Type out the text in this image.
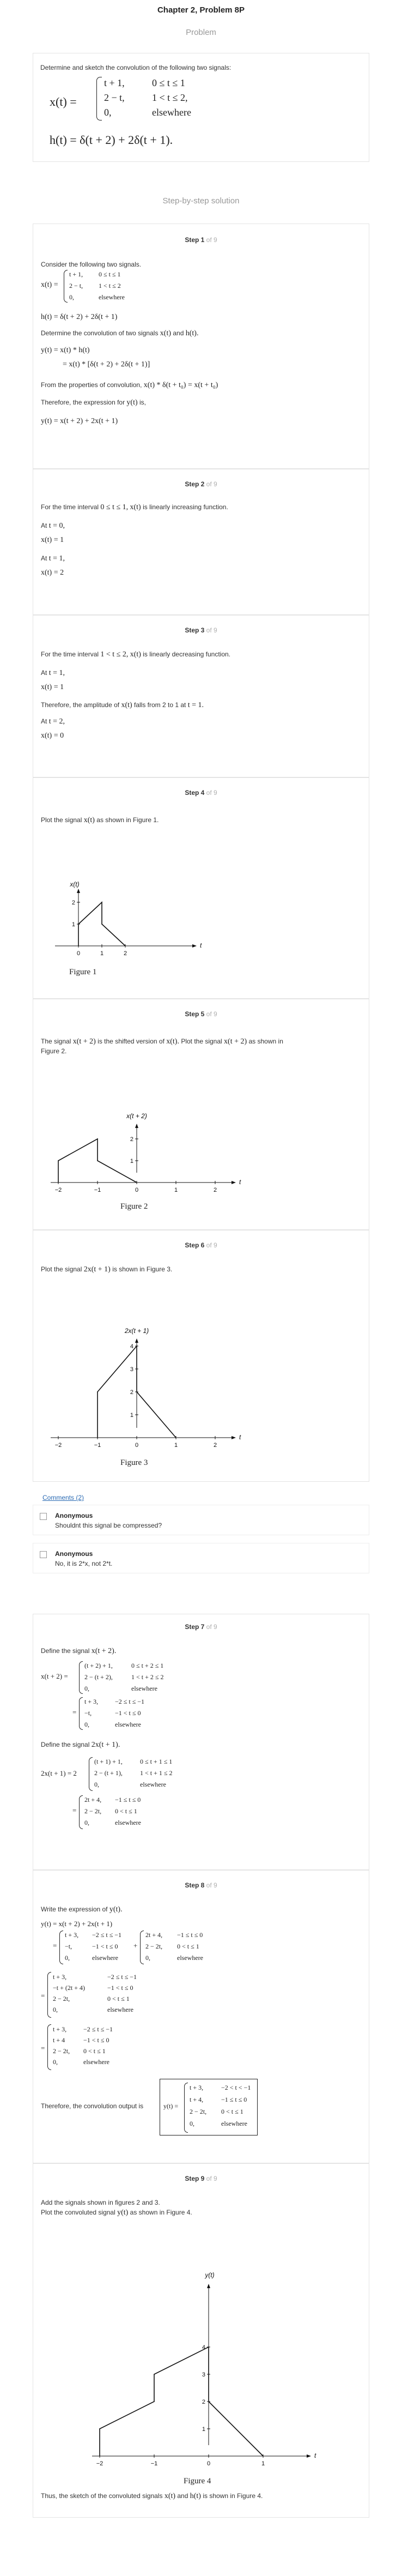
Chapter 2, Problem 8P
Problem
Determine and sketch the convolution of the following two signals:
x(t) =
t + 1,	0 ≤ t ≤ 1
2 − t,	1 < t ≤ 2,
0,	elsewhere
h(t) = δ(t + 2) + 2δ(t + 1).
Step-by-step solution
Step 1 of 9
Consider the following two signals.
x(t) =
t + 1, 0 ≤ t ≤ 1
2 − t, 1 < t ≤ 2
0,	elsewhere
h(t) = δ(t + 2) + 2δ(t + 1)
Determine the convolution of two signals x(t) and h(t).
y(t) = x(t) * h(t)
= x(t) * [δ(t + 2) + 2δ(t + 1)]
From the properties of convolution, x(t) * δ(t + t₀) = x(t + t₀)
Therefore, the expression for y(t) is,
y(t) = x(t + 2) + 2x(t + 1)
Step 2 of 9
For the time interval 0 ≤ t ≤ 1, x(t) is linearly increasing function.
At t = 0,
x(t) = 1
At t = 1,
x(t) = 2
Step 3 of 9
For the time interval 1 < t ≤ 2, x(t) is linearly decreasing function.
At t = 1,
x(t) = 1
Therefore, the amplitude of x(t) falls from 2 to 1 at t = 1.
At t = 2,
x(t) = 0
Step 4 of 9
Plot the signal x(t) as shown in Figure 1.
x(t)
t
0	1	2
1
2
Figure 1
Step 5 of 9
The signal x(t + 2) is the shifted version of x(t). Plot the signal x(t + 2) as shown in
Figure 2.
x(t + 2)
t
−2	−1	0	1	2
1
2
Figure 2
Step 6 of 9
Plot the signal 2x(t + 1) is shown in Figure 3.
2x(t + 1)
t
−2	−1	0	1	2
1
2
3
4
Figure 3
Comments (2)
Anonymous
Shouldnt this signal be compressed?
Anonymous
No, it is 2*x, not 2*t.
Step 7 of 9
Define the signal x(t + 2).
x(t + 2) =
(t + 2) + 1,	0 ≤ t + 2 ≤ 1
2 − (t + 2),	1 < t + 2 ≤ 2
0,	elsewhere
=
t + 3,	−2 ≤ t ≤ −1
−t,	−1 < t ≤ 0
0,	elsewhere
Define the signal 2x(t + 1).
2x(t + 1) = 2
(t + 1) + 1,	0 ≤ t + 1 ≤ 1
2 − (t + 1),	1 < t + 1 ≤ 2
0,	elsewhere
=
2t + 4, −1 ≤ t ≤ 0
2 − 2t, 0 < t ≤ 1
0,	elsewhere
Step 8 of 9
Write the expression of y(t).
y(t) = x(t + 2) + 2x(t + 1)
=
t + 3, −2 ≤ t ≤ −1
−t,	−1 < t ≤ 0
0,	elsewhere
+
2t + 4, −1 ≤ t ≤ 0
2 − 2t, 0 < t ≤ 1
0,	elsewhere
=
t + 3,	−2 ≤ t ≤ −1
−t + (2t + 4)	−1 < t ≤ 0
2 − 2t,	0 < t ≤ 1
0,	elsewhere
=
t + 3,	−2 ≤ t ≤ −1
t + 4	−1 < t ≤ 0
2 − 2t, 0 < t ≤ 1
0,	elsewhere
Therefore, the convolution output is	y(t) =
t + 3,	−2 < t < −1
t + 4,	−1 ≤ t ≤ 0
2 − 2t, 0 < t ≤ 1
0,	elsewhere
Step 9 of 9
Add the signals shown in figures 2 and 3.
Plot the convoluted signal y(t) as shown in Figure 4.
y(t)
t
−2	−1	0	1
1
2
3
4
Figure 4
Thus, the sketch of the convoluted signals x(t) and h(t) is shown in Figure 4.
